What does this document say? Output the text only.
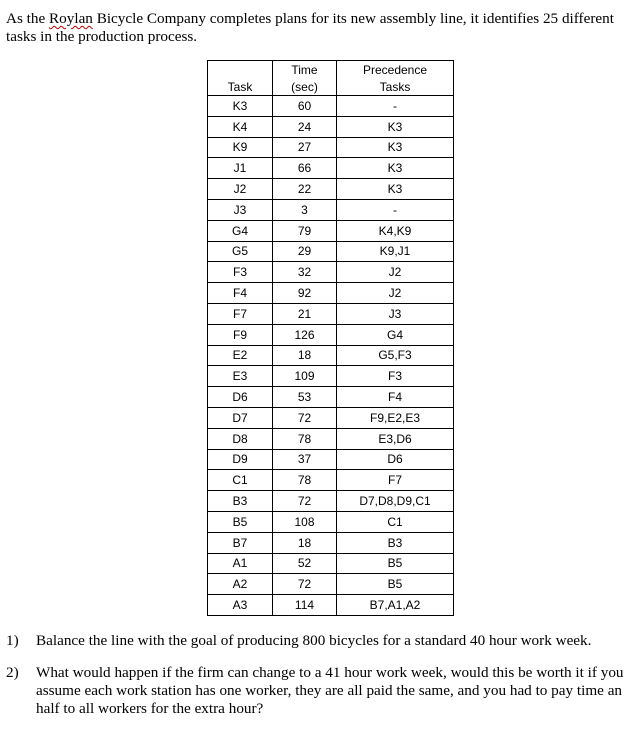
As the Roylan Bicycle Company completes plans for its new assembly line, it identifies 25 different tasks in the production process.
	Time	Precedence
Task	(sec)	Tasks
K3	60	-
K4	24	K3
K9	27	K3
J1	66	K3
J2	22	K3
J3	3	-
G4	79	K4,K9
G5	29	K9,J1
F3	32	J2
F4	92	J2
F7	21	J3
F9	126	G4
E2	18	G5,F3
E3	109	F3
D6	53	F4
D7	72	F9,E2,E3
D8	78	E3,D6
D9	37	D6
C1	78	F7
B3	72	D7,D8,D9,C1
B5	108	C1
B7	18	B3
A1	52	B5
A2	72	B5
A3	114	B7,A1,A2
1) Balance the line with the goal of producing 800 bicycles for a standard 40 hour work week.
2) What would happen if the firm can change to a 41 hour work week, would this be worth it if you assume each work station has one worker, they are all paid the same, and you had to pay time an half to all workers for the extra hour?
